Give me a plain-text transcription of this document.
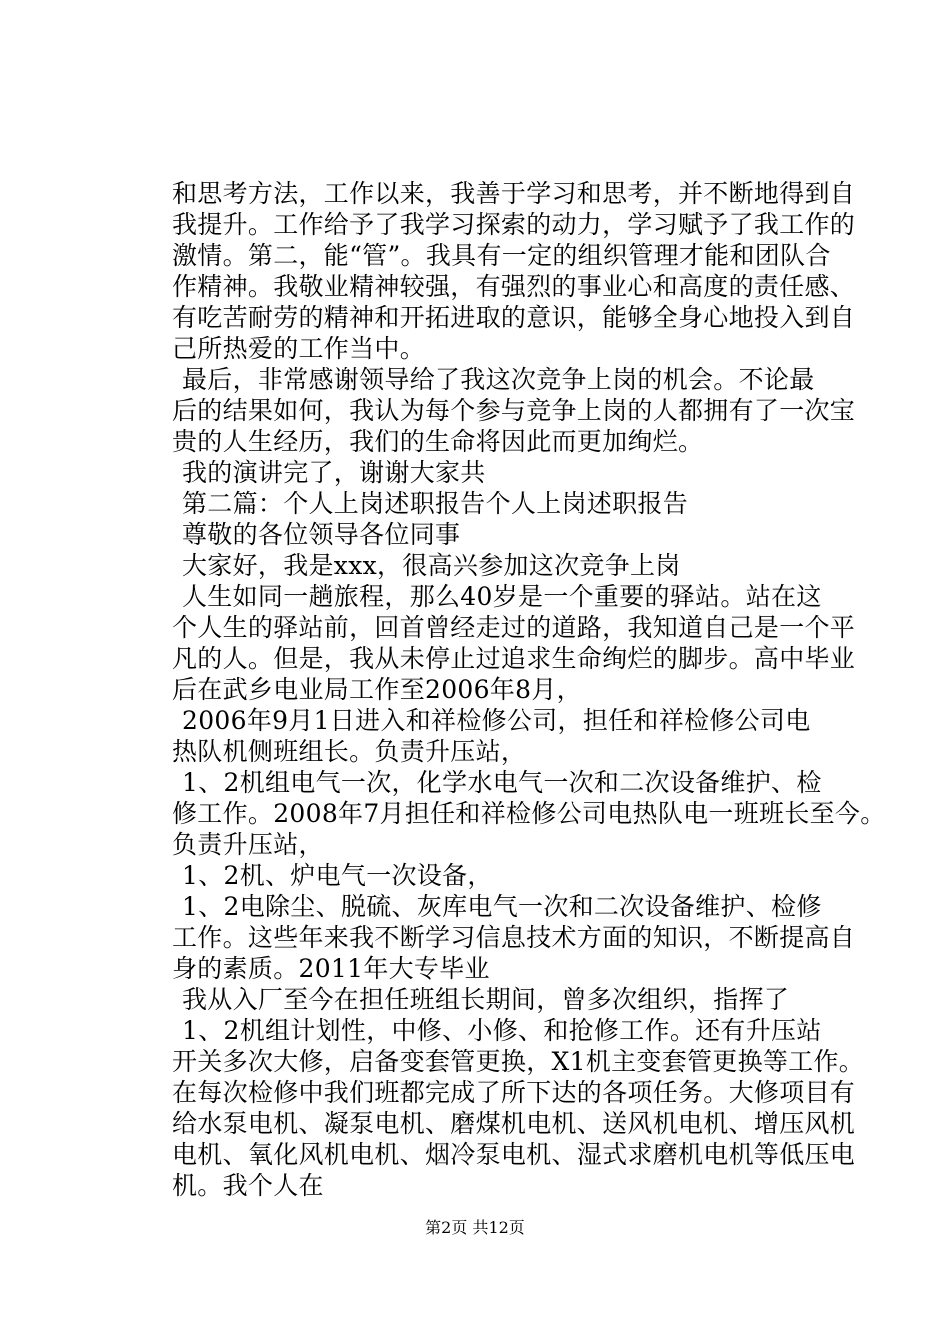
和思考方法，工作以来，我善于学习和思考，并不断地得到自
我提升。工作给予了我学习探索的动力，学习赋予了我工作的
激情。第二，能“管”。我具有一定的组织管理才能和团队合
作精神。我敬业精神较强，有强烈的事业心和高度的责任感、
有吃苦耐劳的精神和开拓进取的意识，能够全身心地投入到自
己所热爱的工作当中。
最后，非常感谢领导给了我这次竞争上岗的机会。不论最
后的结果如何，我认为每个参与竞争上岗的人都拥有了一次宝
贵的人生经历，我们的生命将因此而更加绚烂。
我的演讲完了，谢谢大家共
第二篇：个人上岗述职报告个人上岗述职报告
尊敬的各位领导各位同事
大家好，我是xxx，很高兴参加这次竞争上岗
人生如同一趟旅程，那么40岁是一个重要的驿站。站在这
个人生的驿站前，回首曾经走过的道路，我知道自己是一个平
凡的人。但是，我从未停止过追求生命绚烂的脚步。高中毕业
后在武乡电业局工作至2006年8月，
2006年9月1日进入和祥检修公司，担任和祥检修公司电
热队机侧班组长。负责升压站，
1、2机组电气一次，化学水电气一次和二次设备维护、检
修工作。2008年7月担任和祥检修公司电热队电一班班长至今。
负责升压站，
1、2机、炉电气一次设备，
1、2电除尘、脱硫、灰库电气一次和二次设备维护、检修
工作。这些年来我不断学习信息技术方面的知识，不断提高自
身的素质。2011年大专毕业
我从入厂至今在担任班组长期间，曾多次组织，指挥了
1、2机组计划性，中修、小修、和抢修工作。还有升压站
开关多次大修，启备变套管更换，X1机主变套管更换等工作。
在每次检修中我们班都完成了所下达的各项任务。大修项目有
给水泵电机、凝泵电机、磨煤机电机、送风机电机、增压风机
电机、氧化风机电机、烟冷泵电机、湿式求磨机电机等低压电
机。我个人在
第2页 共12页
